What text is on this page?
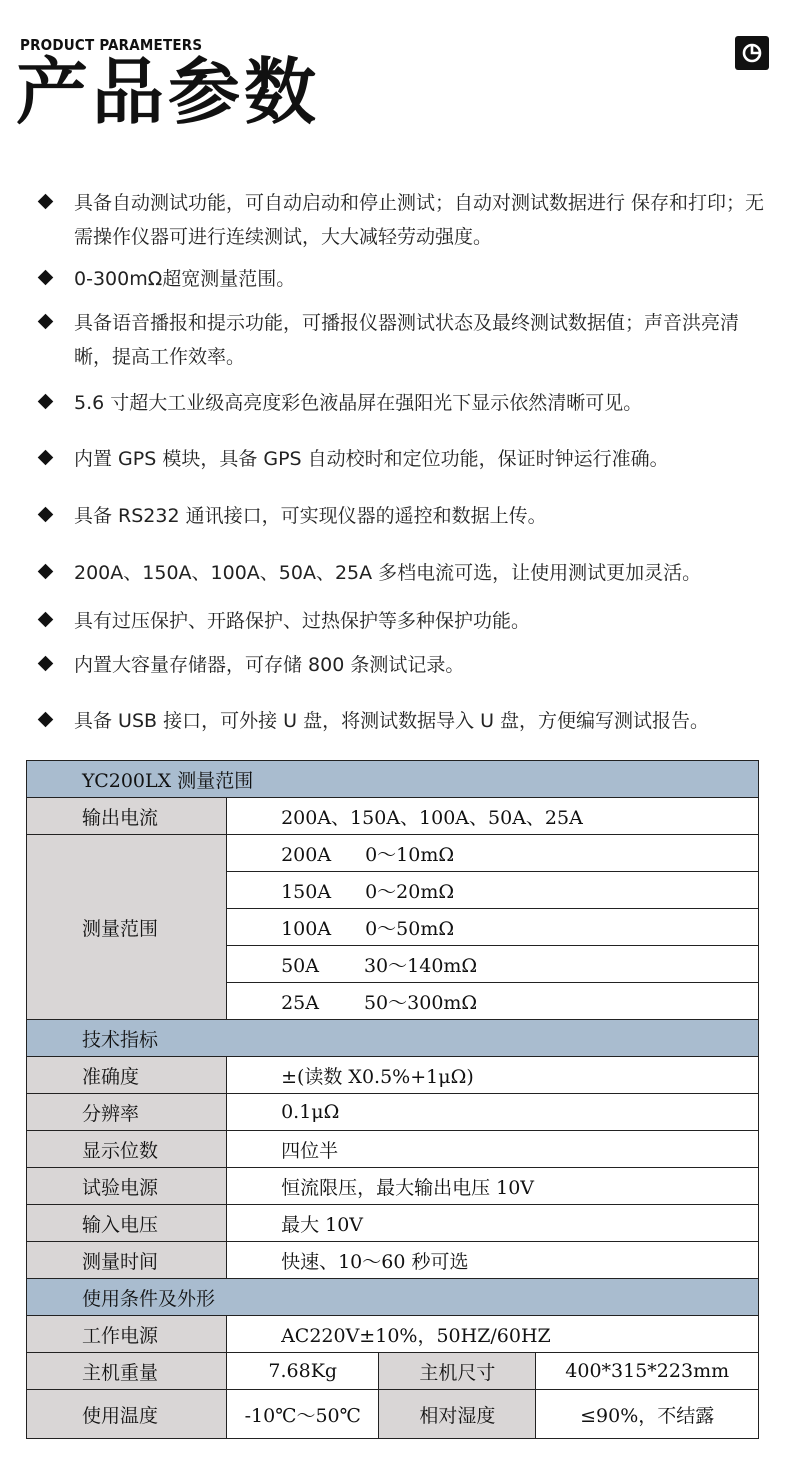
PRODUCT PARAMETERS
产品参数
具备自动测试功能，可自动启动和停止测试；自动对测试数据进行 保存和打印；无需操作仪器可进行连续测试，大大减轻劳动强度。
0-300mΩ超宽测量范围。
具备语音播报和提示功能，可播报仪器测试状态及最终测试数据值；声音洪亮清晰，提高工作效率。
5.6 寸超大工业级高亮度彩色液晶屏在强阳光下显示依然清晰可见。
内置 GPS 模块，具备 GPS 自动校时和定位功能，保证时钟运行准确。
具备 RS232 通讯接口，可实现仪器的遥控和数据上传。
200A、150A、100A、50A、25A 多档电流可选，让使用测试更加灵活。
具有过压保护、开路保护、过热保护等多种保护功能。
内置大容量存储器，可存储 800 条测试记录。
具备 USB 接口，可外接 U 盘，将测试数据导入 U 盘，方便编写测试报告。
YC200LX 测量范围			
输出电流	200A、150A、100A、50A、25A		
测量范围	200A 0～10mΩ		
	150A 0～20mΩ		
	100A 0～50mΩ		
	50A 30～140mΩ		
	25A 50～300mΩ		
技术指标			
准确度	±(读数 X0.5%+1μΩ)		
分辨率	0.1μΩ		
显示位数	四位半		
试验电源	恒流限压，最大输出电压 10V		
输入电压	最大 10V		
测量时间	快速、10～60 秒可选		
使用条件及外形			
工作电源	AC220V±10%，50HZ/60HZ		
主机重量	7.68Kg	主机尺寸	400*315*223mm
使用温度	-10℃～50℃	相对湿度	≤90%，不结露
